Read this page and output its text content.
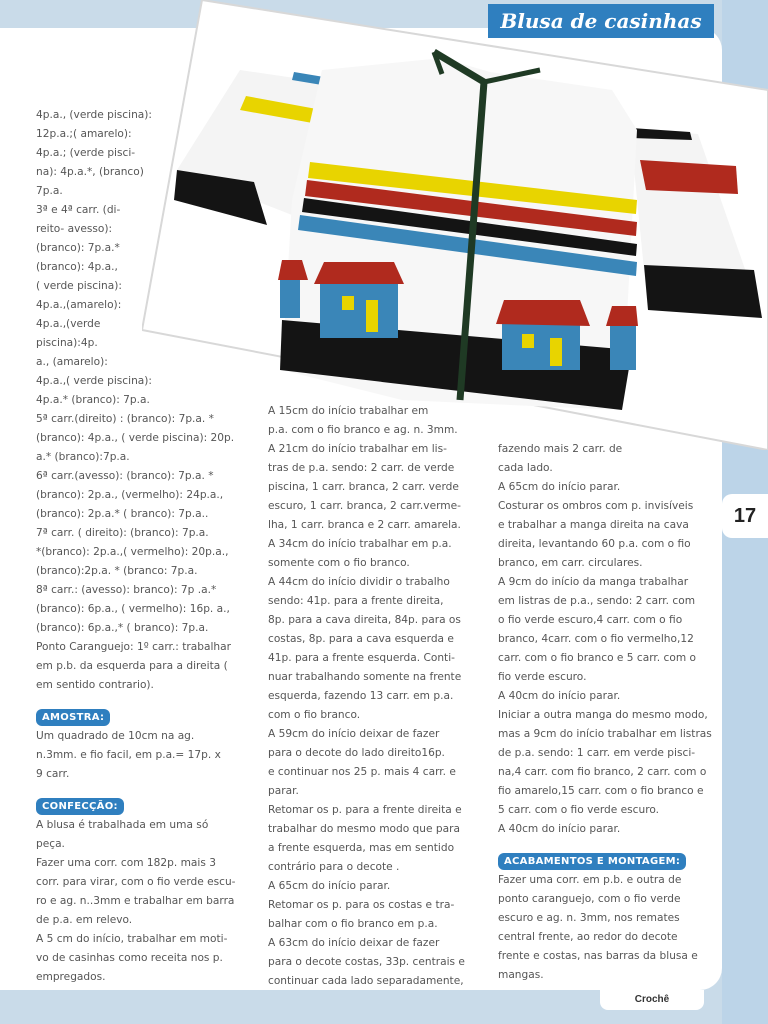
Blusa de casinhas

4p.a., (verde piscina):
12p.a.;( amarelo):
4p.a.; (verde pisci-
na): 4p.a.*, (branco)
7p.a.
3ª e 4ª carr. (di-
reito- avesso):
(branco): 7p.a.*
(branco): 4p.a.,
( verde piscina):
4p.a.,(amarelo):
4p.a.,(verde
piscina):4p.
a., (amarelo):
4p.a.,( verde piscina):
4p.a.* (branco): 7p.a.
5ª carr.(direito) : (branco): 7p.a. *
(branco): 4p.a., ( verde piscina): 20p.
a.* (branco):7p.a.
6ª carr.(avesso): (branco): 7p.a. *
(branco): 2p.a., (vermelho): 24p.a.,
(branco): 2p.a.* ( branco): 7p.a..
7ª carr. ( direito): (branco): 7p.a.
*(branco): 2p.a.,( vermelho): 20p.a.,
(branco):2p.a. * (branco: 7p.a.
8ª carr.: (avesso): branco): 7p .a.*
(branco): 6p.a., ( vermelho): 16p. a.,
(branco): 6p.a.,* ( branco): 7p.a.
Ponto Caranguejo: 1º carr.: trabalhar
em p.b. da esquerda para a direita (
em sentido contrario).

AMOSTRA:

Um quadrado de 10cm na ag.
n.3mm. e fio facil, em p.a.= 17p. x
9 carr.

CONFECÇÃO:

A blusa é trabalhada em uma só
peça.
Fazer uma corr. com 182p. mais 3
corr. para virar, com o fio verde escu-
ro e ag. n..3mm e trabalhar em barra
de p.a. em relevo.
A 5 cm do início, trabalhar em moti-
vo de casinhas como receita nos p.
empregados.

A 15cm do início trabalhar em
p.a. com o fio branco e ag. n. 3mm.
A 21cm do início trabalhar em lis-
tras de p.a. sendo: 2 carr. de verde
piscina, 1 carr. branca, 2 carr. verde
escuro, 1 carr. branca, 2 carr.verme-
lha, 1 carr. branca e 2 carr. amarela.
A 34cm do início trabalhar em p.a.
somente com o fio branco.
A 44cm do início dividir o trabalho
sendo: 41p. para a frente direita,
8p. para a cava direita, 84p. para os
costas, 8p. para a cava esquerda e
41p. para a frente esquerda. Conti-
nuar trabalhando somente na frente
esquerda, fazendo 13 carr. em p.a.
com o fio branco.
A 59cm do início deixar de fazer
para o decote do lado direito16p.
e continuar nos 25 p. mais 4 carr. e
parar.
Retomar os p. para a frente direita e
trabalhar do mesmo modo que para
a frente esquerda, mas em sentido
contrário para o decote .
A 65cm do início parar.
Retomar os p. para os costas e tra-
balhar com o fio branco em p.a.
A 63cm do início deixar de fazer
para o decote costas, 33p. centrais e
continuar cada lado separadamente,

fazendo mais 2 carr. de
cada lado.
A 65cm do início parar.
Costurar os ombros com p. invisíveis
e trabalhar a manga direita na cava
direita, levantando 60 p.a. com o fio
branco, em carr. circulares.
A 9cm do início da manga trabalhar
em listras de p.a., sendo: 2 carr. com
o fio verde escuro,4 carr. com o fio
branco, 4carr. com o fio vermelho,12
carr. com o fio branco e 5 carr. com o
fio verde escuro.
A 40cm do início parar.
Iniciar a outra manga do mesmo modo,
mas a 9cm do início trabalhar em listras
de p.a. sendo: 1 carr. em verde pisci-
na,4 carr. com fio branco, 2 carr. com o
fio amarelo,15 carr. com o fio branco e
5 carr. com o fio verde escuro.
A 40cm do início parar.

ACABAMENTOS E MONTAGEM:

Fazer uma corr. em p.b. e outra de
ponto caranguejo, com o fio verde
escuro e ag. n. 3mm, nos remates
central frente, ao redor do decote
frente e costas, nas barras da blusa e
mangas.

17
Crochê
